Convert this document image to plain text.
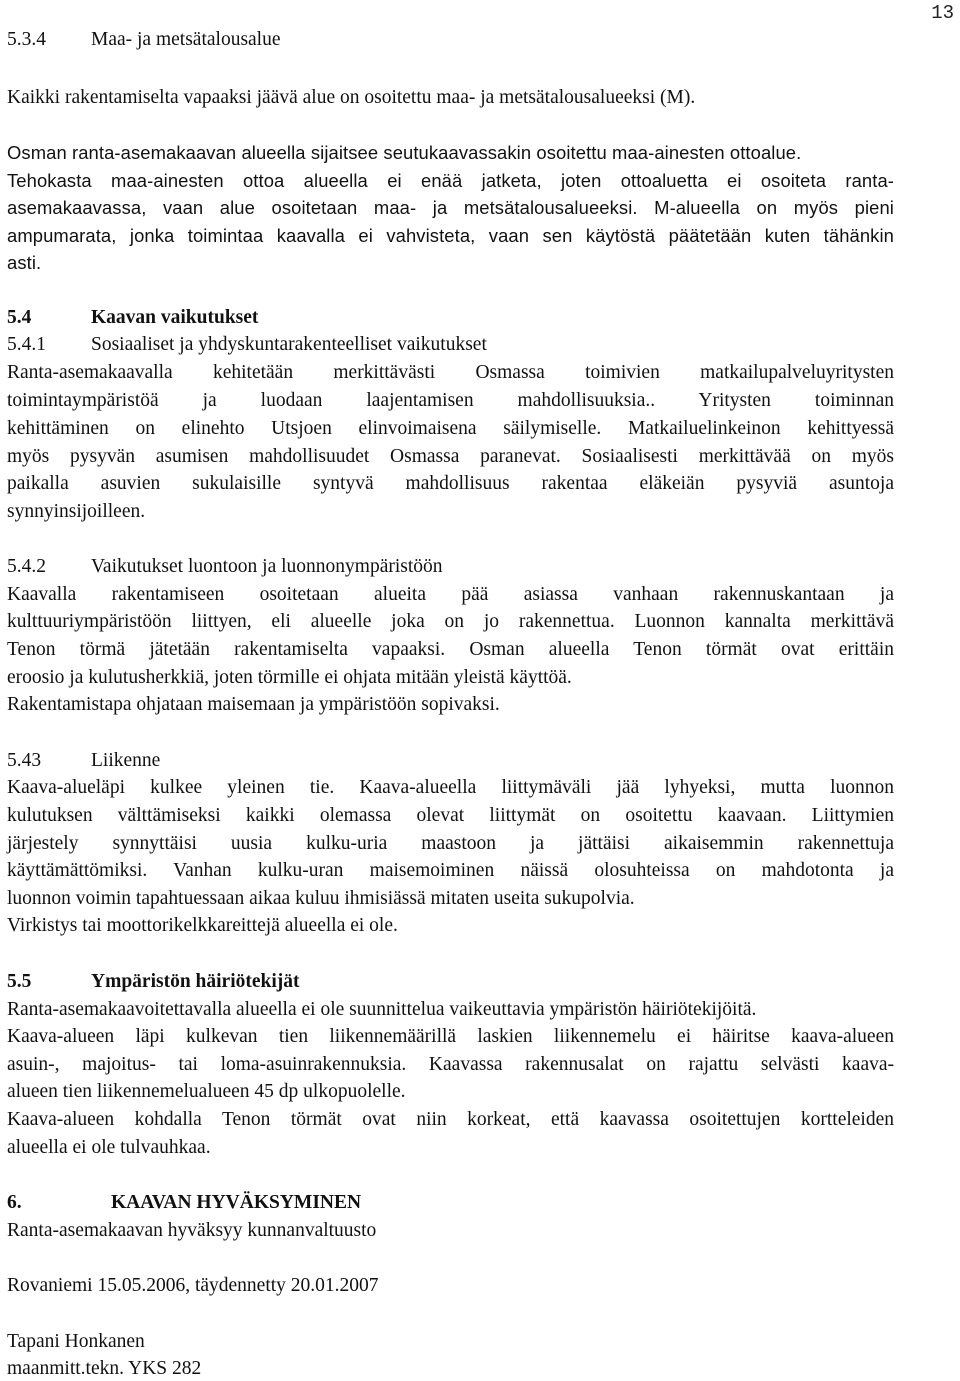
13
5.3.4 Maa- ja metsätalousalue
Kaikki rakentamiselta vapaaksi jäävä alue on osoitettu maa- ja metsätalousalueeksi (M).
Osman ranta-asemakaavan alueella sijaitsee seutukaavassakin osoitettu maa-ainesten ottoalue.
Tehokasta maa-ainesten ottoa alueella ei enää jatketa, joten ottoaluetta ei osoiteta ranta-
asemakaavassa, vaan alue osoitetaan maa- ja metsätalousalueeksi. M-alueella on myös pieni
ampumarata, jonka toimintaa kaavalla ei vahvisteta, vaan sen käytöstä päätetään kuten tähänkin
asti.
5.4	Kaavan vaikutukset
5.4.1 Sosiaaliset ja yhdyskuntarakenteelliset vaikutukset
Ranta-asemakaavalla kehitetään merkittävästi Osmassa toimivien matkailupalveluyritysten
toimintaympäristöä ja luodaan laajentamisen mahdollisuuksia.. Yritysten toiminnan
kehittäminen on elinehto Utsjoen elinvoimaisena säilymiselle. Matkailuelinkeinon kehittyessä
myös pysyvän asumisen mahdollisuudet Osmassa paranevat. Sosiaalisesti merkittävää on myös
paikalla asuvien sukulaisille syntyvä mahdollisuus rakentaa eläkeiän pysyviä asuntoja
synnyinsijoilleen.
5.4.2 Vaikutukset luontoon ja luonnonympäristöön
Kaavalla rakentamiseen osoitetaan alueita pää asiassa vanhaan rakennuskantaan ja
kulttuuriympäristöön liittyen, eli alueelle joka on jo rakennettua. Luonnon kannalta merkittävä
Tenon törmä jätetään rakentamiselta vapaaksi. Osman alueella Tenon törmät ovat erittäin
eroosio ja kulutusherkkiä, joten törmille ei ohjata mitään yleistä käyttöä.
Rakentamistapa ohjataan maisemaan ja ympäristöön sopivaksi.
5.43	Liikenne
Kaava-alueläpi kulkee yleinen tie. Kaava-alueella liittymäväli jää lyhyeksi, mutta luonnon
kulutuksen välttämiseksi kaikki olemassa olevat liittymät on osoitettu kaavaan. Liittymien
järjestely synnyttäisi uusia kulku-uria maastoon ja jättäisi aikaisemmin rakennettuja
käyttämättömiksi. Vanhan kulku-uran maisemoiminen näissä olosuhteissa on mahdotonta ja
luonnon voimin tapahtuessaan aikaa kuluu ihmisiässä mitaten useita sukupolvia.
Virkistys tai moottorikelkkareittejä alueella ei ole.
5.5	Ympäristön häiriötekijät
Ranta-asemakaavoitettavalla alueella ei ole suunnittelua vaikeuttavia ympäristön häiriötekijöitä.
Kaava-alueen läpi kulkevan tien liikennemäärillä laskien liikennemelu ei häiritse kaava-alueen
asuin-, majoitus- tai loma-asuinrakennuksia. Kaavassa rakennusalat on rajattu selvästi kaava-
alueen tien liikennemelualueen 45 dp ulkopuolelle.
Kaava-alueen kohdalla Tenon törmät ovat niin korkeat, että kaavassa osoitettujen kortteleiden
alueella ei ole tulvauhkaa.
6.	KAAVAN HYVÄKSYMINEN
Ranta-asemakaavan hyväksyy kunnanvaltuusto
Rovaniemi 15.05.2006, täydennetty 20.01.2007
Tapani Honkanen
maanmitt.tekn. YKS 282
